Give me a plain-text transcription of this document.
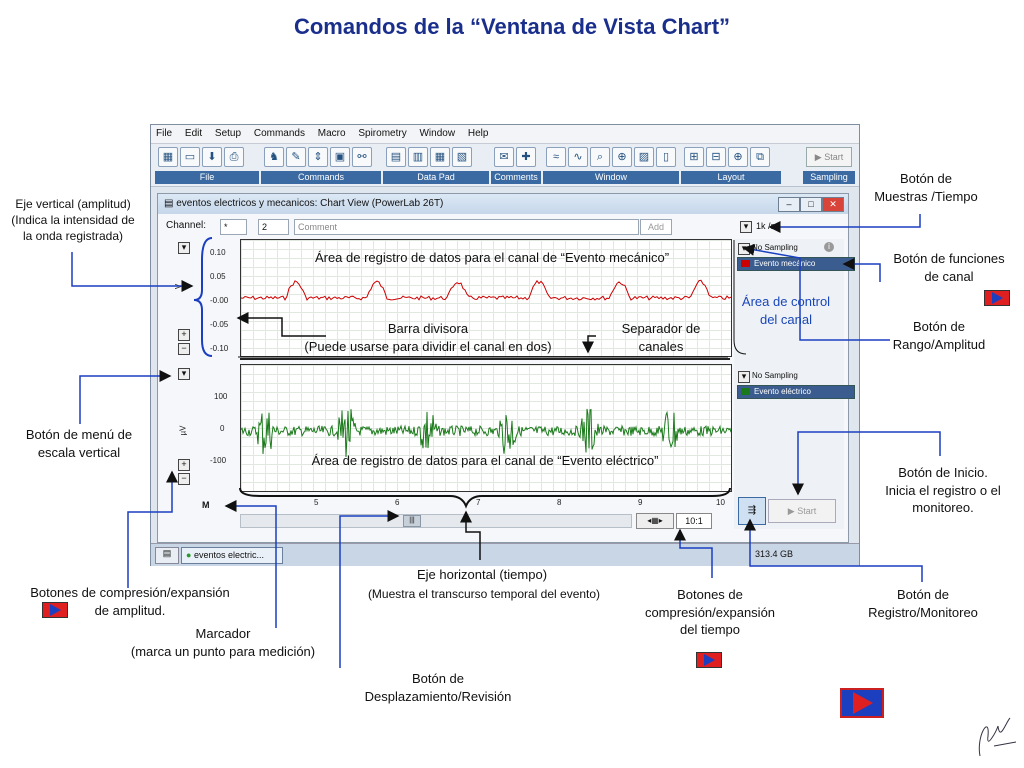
Comandos de la “Ventana de Vista Chart”
File Edit Setup Commands Macro Spirometry Window Help
▦	▭	⬇	⎙
File
♞	✎	⇕	▣	⚯
Commands
▤	▥	▦	▧
Data Pad
✉	✚
Comments
≈	∿	⌕	⊕	▨	▯
Window
⊞	⊟	⊕	⧉
Layout
▶ Start
Sampling
▤ eventos electricos y mecanicos: Chart View (PowerLab 26T)	–	□	✕
Channel:	*	2	Comment	Add	▾ 1k /s
▾
V
0.10
0.05
-0.00
-0.05
-0.10
+
−
▾
µV
100
0
-100
+
−
5	6	7	8	9	10
M
|||	◂▦▸	10:1
▾ No Sampling	i
Evento mecánico
▾ No Sampling
Evento eléctrico
⇶	▶ Start
▤	● eventos electric...	313.4 GB
Eje vertical (amplitud)
(Indica la intensidad de
la onda registrada)
Botón de
Muestras /Tiempo
Botón de funciones
de canal
Área de registro de datos para el canal de “Evento mecánico”
Área de control
del canal
Barra divisora
(Puede usarse para dividir el canal en dos)
Separador de
canales
Botón de
Rango/Amplitud
Botón de menú de
escala vertical
Botón de Inicio.
Inicia el registro o el
monitoreo.
Área de registro de datos para el canal de “Evento eléctrico”
Eje horizontal (tiempo)
(Muestra el transcurso temporal del evento)
Botones de compresión/expansión
de amplitud.
Marcador
(marca un punto para medición)
Botón de
Desplazamiento/Revisión
Botones de
compresión/expansión
del tiempo
Botón de
Registro/Monitoreo
